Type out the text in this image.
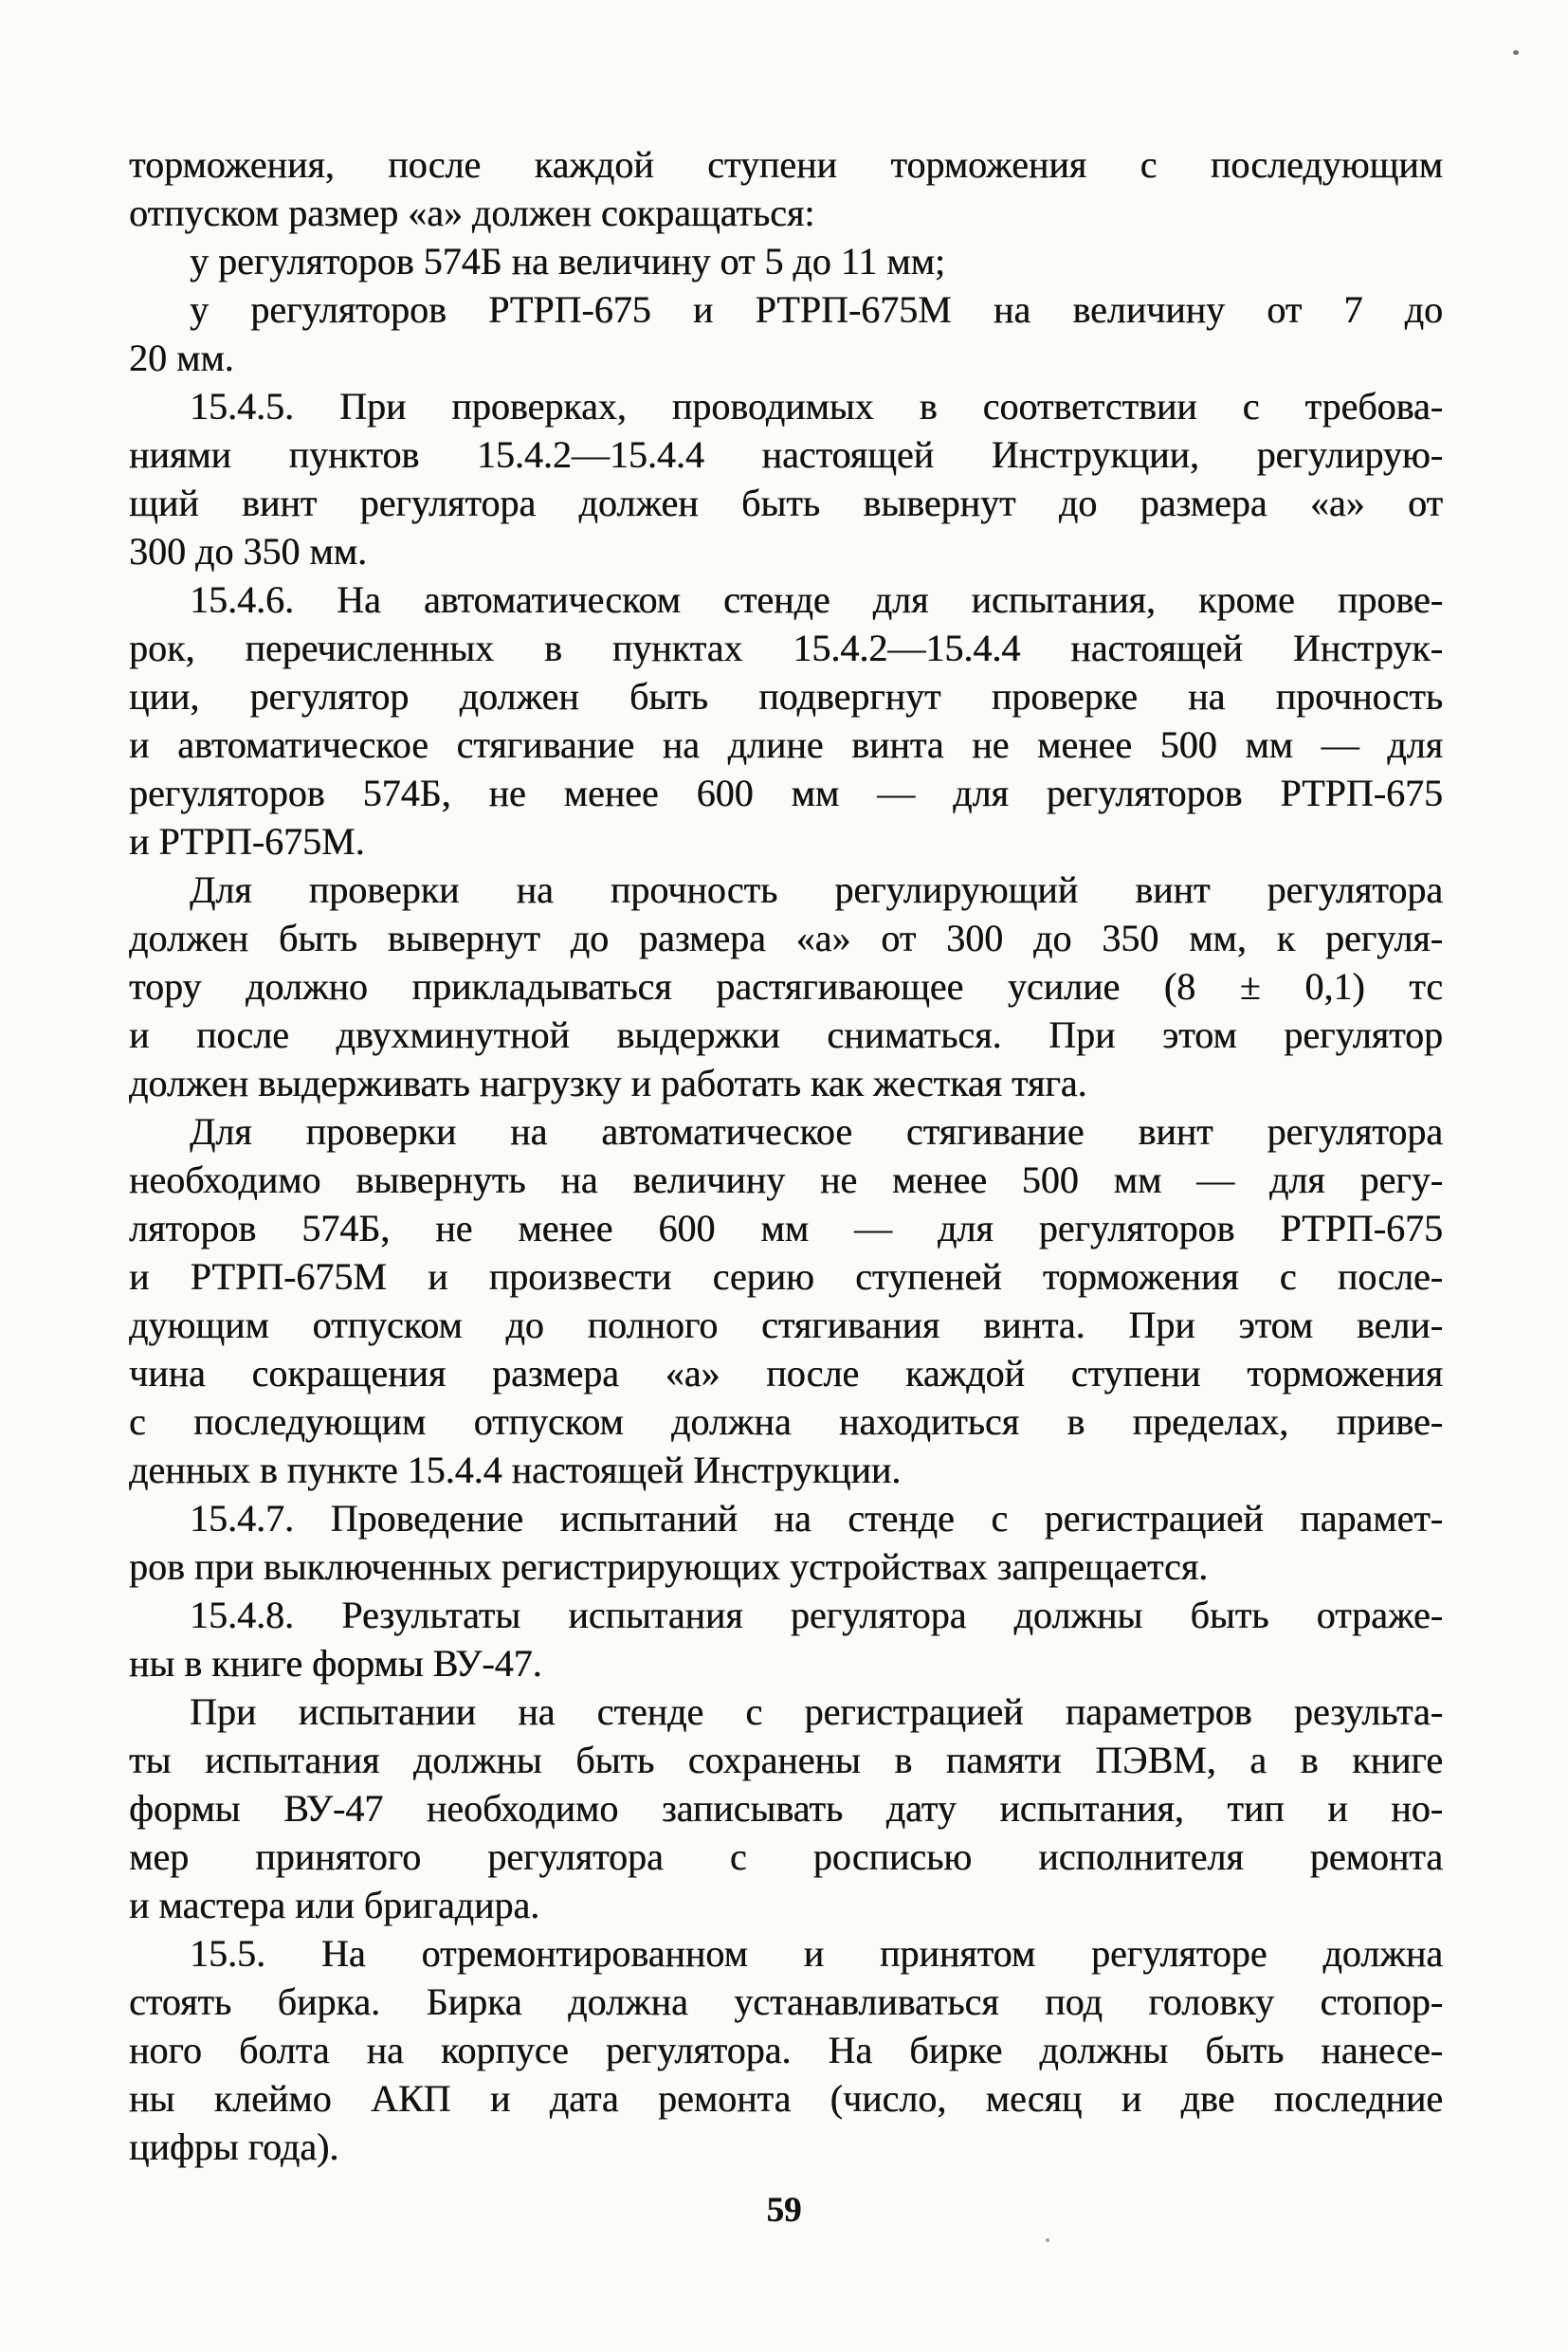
торможения, после каждой ступени торможения с последующим
отпуском размер «а» должен сокращаться:
у регуляторов 574Б на величину от 5 до 11 мм;
у регуляторов РТРП-675 и РТРП-675М на величину от 7 до
20 мм.
15.4.5. При проверках, проводимых в соответствии с требова-
ниями пунктов 15.4.2—15.4.4 настоящей Инструкции, регулирую-
щий винт регулятора должен быть вывернут до размера «а» от
300 до 350 мм.
15.4.6. На автоматическом стенде для испытания, кроме прове-
рок, перечисленных в пунктах 15.4.2—15.4.4 настоящей Инструк-
ции, регулятор должен быть подвергнут проверке на прочность
и автоматическое стягивание на длине винта не менее 500 мм — для
регуляторов 574Б, не менее 600 мм — для регуляторов РТРП-675
и РТРП-675М.
Для проверки на прочность регулирующий винт регулятора
должен быть вывернут до размера «а» от 300 до 350 мм, к регуля-
тору должно прикладываться растягивающее усилие (8 ± 0,1) тс
и после двухминутной выдержки сниматься. При этом регулятор
должен выдерживать нагрузку и работать как жесткая тяга.
Для проверки на автоматическое стягивание винт регулятора
необходимо вывернуть на величину не менее 500 мм — для регу-
ляторов 574Б, не менее 600 мм — для регуляторов РТРП-675
и РТРП-675М и произвести серию ступеней торможения с после-
дующим отпуском до полного стягивания винта. При этом вели-
чина сокращения размера «а» после каждой ступени торможения
с последующим отпуском должна находиться в пределах, приве-
денных в пункте 15.4.4 настоящей Инструкции.
15.4.7. Проведение испытаний на стенде с регистрацией парамет-
ров при выключенных регистрирующих устройствах запрещается.
15.4.8. Результаты испытания регулятора должны быть отраже-
ны в книге формы ВУ-47.
При испытании на стенде с регистрацией параметров результа-
ты испытания должны быть сохранены в памяти ПЭВМ, а в книге
формы ВУ-47 необходимо записывать дату испытания, тип и но-
мер принятого регулятора с росписью исполнителя ремонта
и мастера или бригадира.
15.5. На отремонтированном и принятом регуляторе должна
стоять бирка. Бирка должна устанавливаться под головку стопор-
ного болта на корпусе регулятора. На бирке должны быть нанесе-
ны клеймо АКП и дата ремонта (число, месяц и две последние
цифры года).
59
